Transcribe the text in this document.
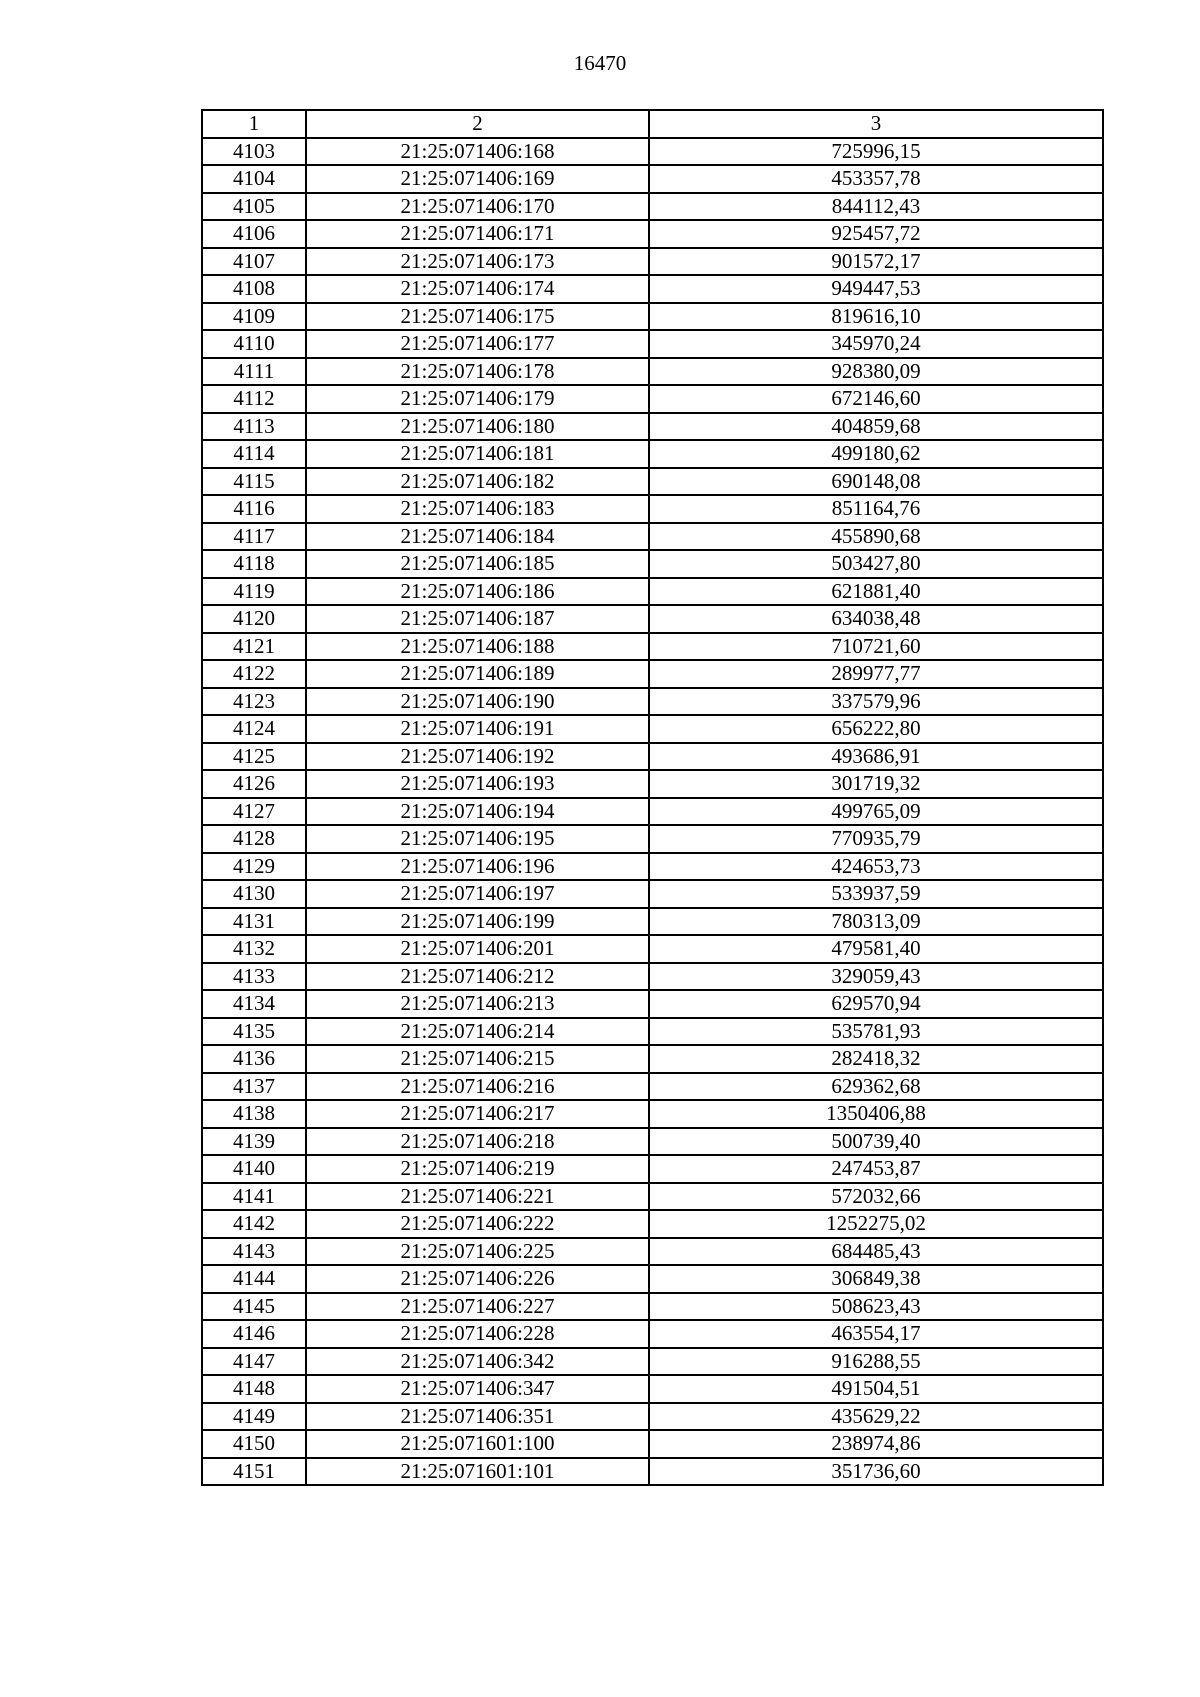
16470
1	2	3
4103	21:25:071406:168	725996,15
4104	21:25:071406:169	453357,78
4105	21:25:071406:170	844112,43
4106	21:25:071406:171	925457,72
4107	21:25:071406:173	901572,17
4108	21:25:071406:174	949447,53
4109	21:25:071406:175	819616,10
4110	21:25:071406:177	345970,24
4111	21:25:071406:178	928380,09
4112	21:25:071406:179	672146,60
4113	21:25:071406:180	404859,68
4114	21:25:071406:181	499180,62
4115	21:25:071406:182	690148,08
4116	21:25:071406:183	851164,76
4117	21:25:071406:184	455890,68
4118	21:25:071406:185	503427,80
4119	21:25:071406:186	621881,40
4120	21:25:071406:187	634038,48
4121	21:25:071406:188	710721,60
4122	21:25:071406:189	289977,77
4123	21:25:071406:190	337579,96
4124	21:25:071406:191	656222,80
4125	21:25:071406:192	493686,91
4126	21:25:071406:193	301719,32
4127	21:25:071406:194	499765,09
4128	21:25:071406:195	770935,79
4129	21:25:071406:196	424653,73
4130	21:25:071406:197	533937,59
4131	21:25:071406:199	780313,09
4132	21:25:071406:201	479581,40
4133	21:25:071406:212	329059,43
4134	21:25:071406:213	629570,94
4135	21:25:071406:214	535781,93
4136	21:25:071406:215	282418,32
4137	21:25:071406:216	629362,68
4138	21:25:071406:217	1350406,88
4139	21:25:071406:218	500739,40
4140	21:25:071406:219	247453,87
4141	21:25:071406:221	572032,66
4142	21:25:071406:222	1252275,02
4143	21:25:071406:225	684485,43
4144	21:25:071406:226	306849,38
4145	21:25:071406:227	508623,43
4146	21:25:071406:228	463554,17
4147	21:25:071406:342	916288,55
4148	21:25:071406:347	491504,51
4149	21:25:071406:351	435629,22
4150	21:25:071601:100	238974,86
4151	21:25:071601:101	351736,60
